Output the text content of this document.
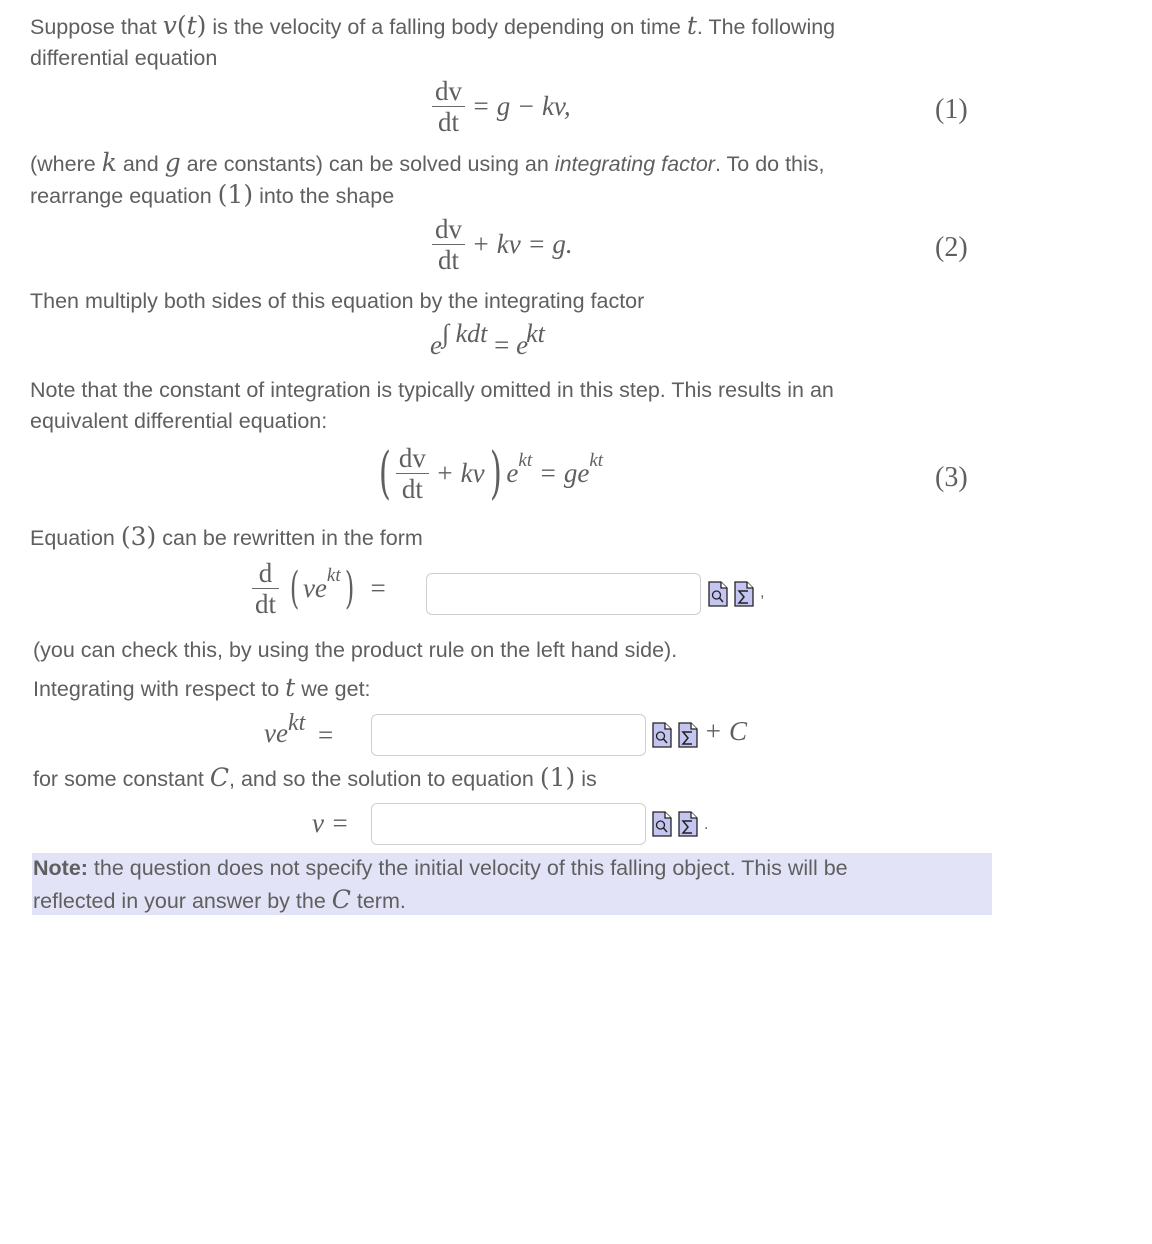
Suppose that v(t) is the velocity of a falling body depending on time t. The following
differential equation
$\frac{dv}{dt} = g$ − kv,	(1)
(where k and g are constants) can be solved using an integrating factor. To do this,
rearrange equation (1) into the shape
$\frac{dv}{dt}$ + kv = g.	(2)
Then multiply both sides of this equation by the integrating factor
e∫ kdt = ekt
Note that the constant of integration is typically omitted in this step. This results in an
equivalent differential equation:
( $\frac{dv}{dt} + kv$) $e^{kt} = ge^{kt}$
(3)
Equation (3) can be rewritten in the form
$\frac{d}{dt}$ ( $ve^{kt}$) =	,
(you can check this, by using the product rule on the left hand side).
Integrating with respect to t we get:
vekt =	+ C
for some constant C, and so the solution to equation (1) is
v =	.
Note: the question does not specify the initial velocity of this falling object. This will be
reflected in your answer by the C term.
